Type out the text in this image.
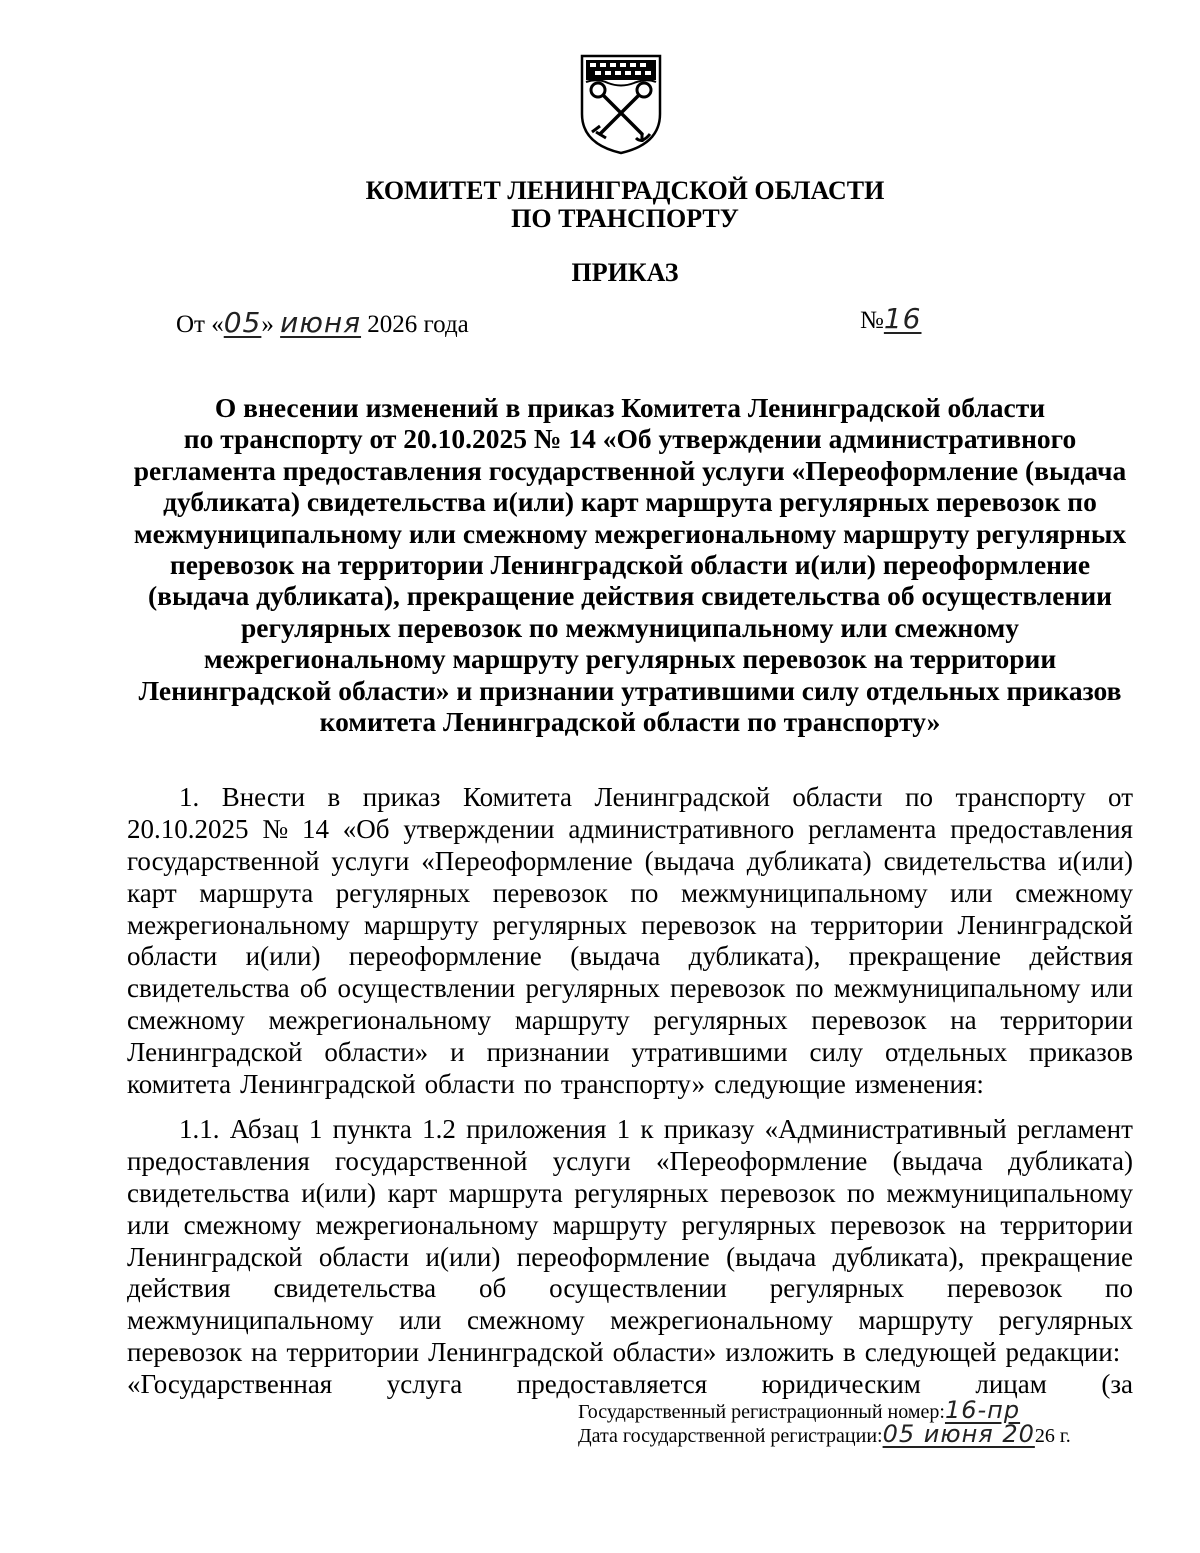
КОМИТЕТ ЛЕНИНГРАДСКОЙ ОБЛАСТИ
ПО ТРАНСПОРТУ
ПРИКАЗ
От «05» июня 2026 года	№16
О внесении изменений в приказ Комитета Ленинградской области
по транспорту от 20.10.2025 № 14 «Об утверждении административного
регламента предоставления государственной услуги «Переоформление (выдача
дубликата) свидетельства и(или) карт маршрута регулярных перевозок по
межмуниципальному или смежному межрегиональному маршруту регулярных
перевозок на территории Ленинградской области и(или) переоформление
(выдача дубликата), прекращение действия свидетельства об осуществлении
регулярных перевозок по межмуниципальному или смежному
межрегиональному маршруту регулярных перевозок на территории
Ленинградской области» и признании утратившими силу отдельных приказов
комитета Ленинградской области по транспорту»
1. Внести в приказ Комитета Ленинградской области по транспорту от
20.10.2025 № 14 «Об утверждении административного регламента предоставления
государственной услуги «Переоформление (выдача дубликата) свидетельства и(или)
карт маршрута регулярных перевозок по межмуниципальному или смежному
межрегиональному маршруту регулярных перевозок на территории Ленинградской
области и(или) переоформление (выдача дубликата), прекращение действия
свидетельства об осуществлении регулярных перевозок по межмуниципальному или
смежному межрегиональному маршруту регулярных перевозок на территории
Ленинградской области» и признании утратившими силу отдельных приказов
комитета Ленинградской области по транспорту» следующие изменения:
1.1. Абзац 1 пункта 1.2 приложения 1 к приказу «Административный регламент
предоставления государственной услуги «Переоформление (выдача дубликата)
свидетельства и(или) карт маршрута регулярных перевозок по межмуниципальному
или смежному межрегиональному маршруту регулярных перевозок на территории
Ленинградской области и(или) переоформление (выдача дубликата), прекращение
действия свидетельства об осуществлении регулярных перевозок по
межмуниципальному или смежному межрегиональному маршруту регулярных
перевозок на территории Ленинградской области» изложить в следующей редакции:
«Государственная услуга предоставляется юридическим лицам (за
Государственный регистрационный номер:16-пр
Дата государственной регистрации:05 июня 2026 г.
